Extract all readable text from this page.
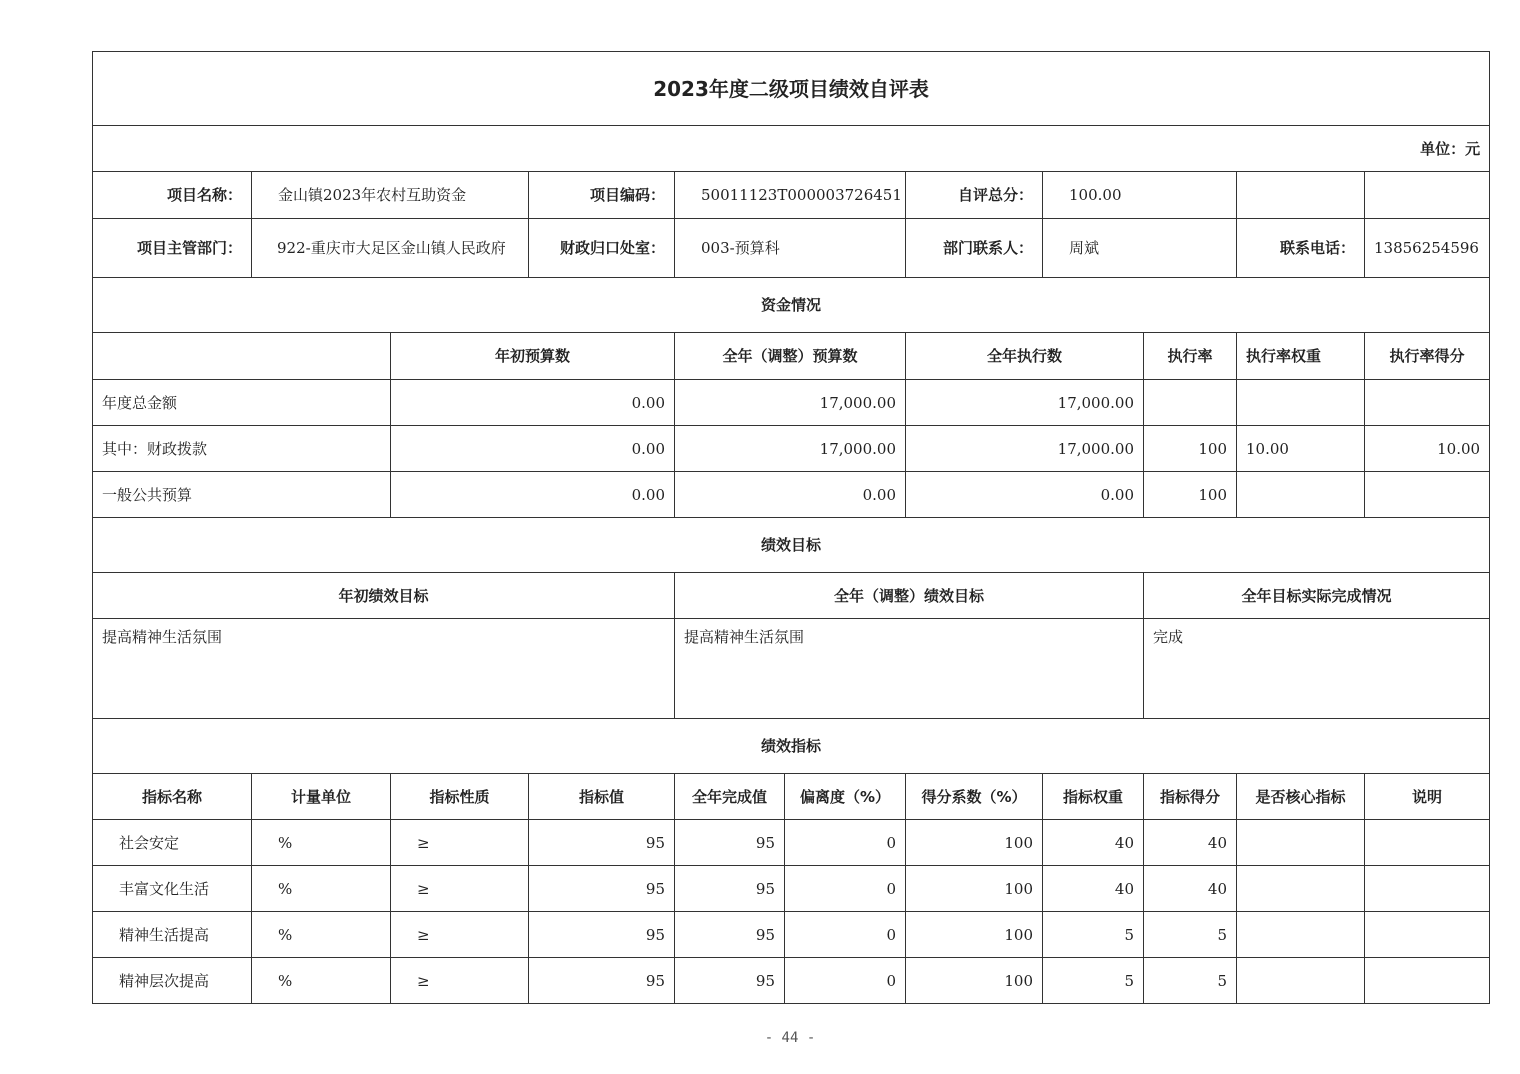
2023年度二级项目绩效自评表										
单位：元										
项目名称：	金山镇2023年农村互助资金		项目编码：	50011123T000003726451		自评总分：	100.00			
项目主管部门：	922-重庆市大足区金山镇人民政府		财政归口处室：	003-预算科		部门联系人：	周斌		联系电话：	13856254596
资金情况										
		年初预算数		全年（调整）预算数		全年执行数		执行率	执行率权重	执行率得分
年度总金额		0.00		17,000.00		17,000.00				
其中：财政拨款		0.00		17,000.00		17,000.00		100	10.00	10.00
一般公共预算		0.00		0.00		0.00		100		
绩效目标										
年初绩效目标				全年（调整）绩效目标				全年目标实际完成情况		
提高精神生活氛围				提高精神生活氛围				完成		
绩效指标										
指标名称	计量单位	指标性质	指标值	全年完成值	偏离度（%）	得分系数（%）	指标权重	指标得分	是否核心指标	说明
社会安定	%	≥	95	95	0	100	40	40		
丰富文化生活	%	≥	95	95	0	100	40	40		
精神生活提高	%	≥	95	95	0	100	5	5		
精神层次提高	%	≥	95	95	0	100	5	5		
- 44 -
